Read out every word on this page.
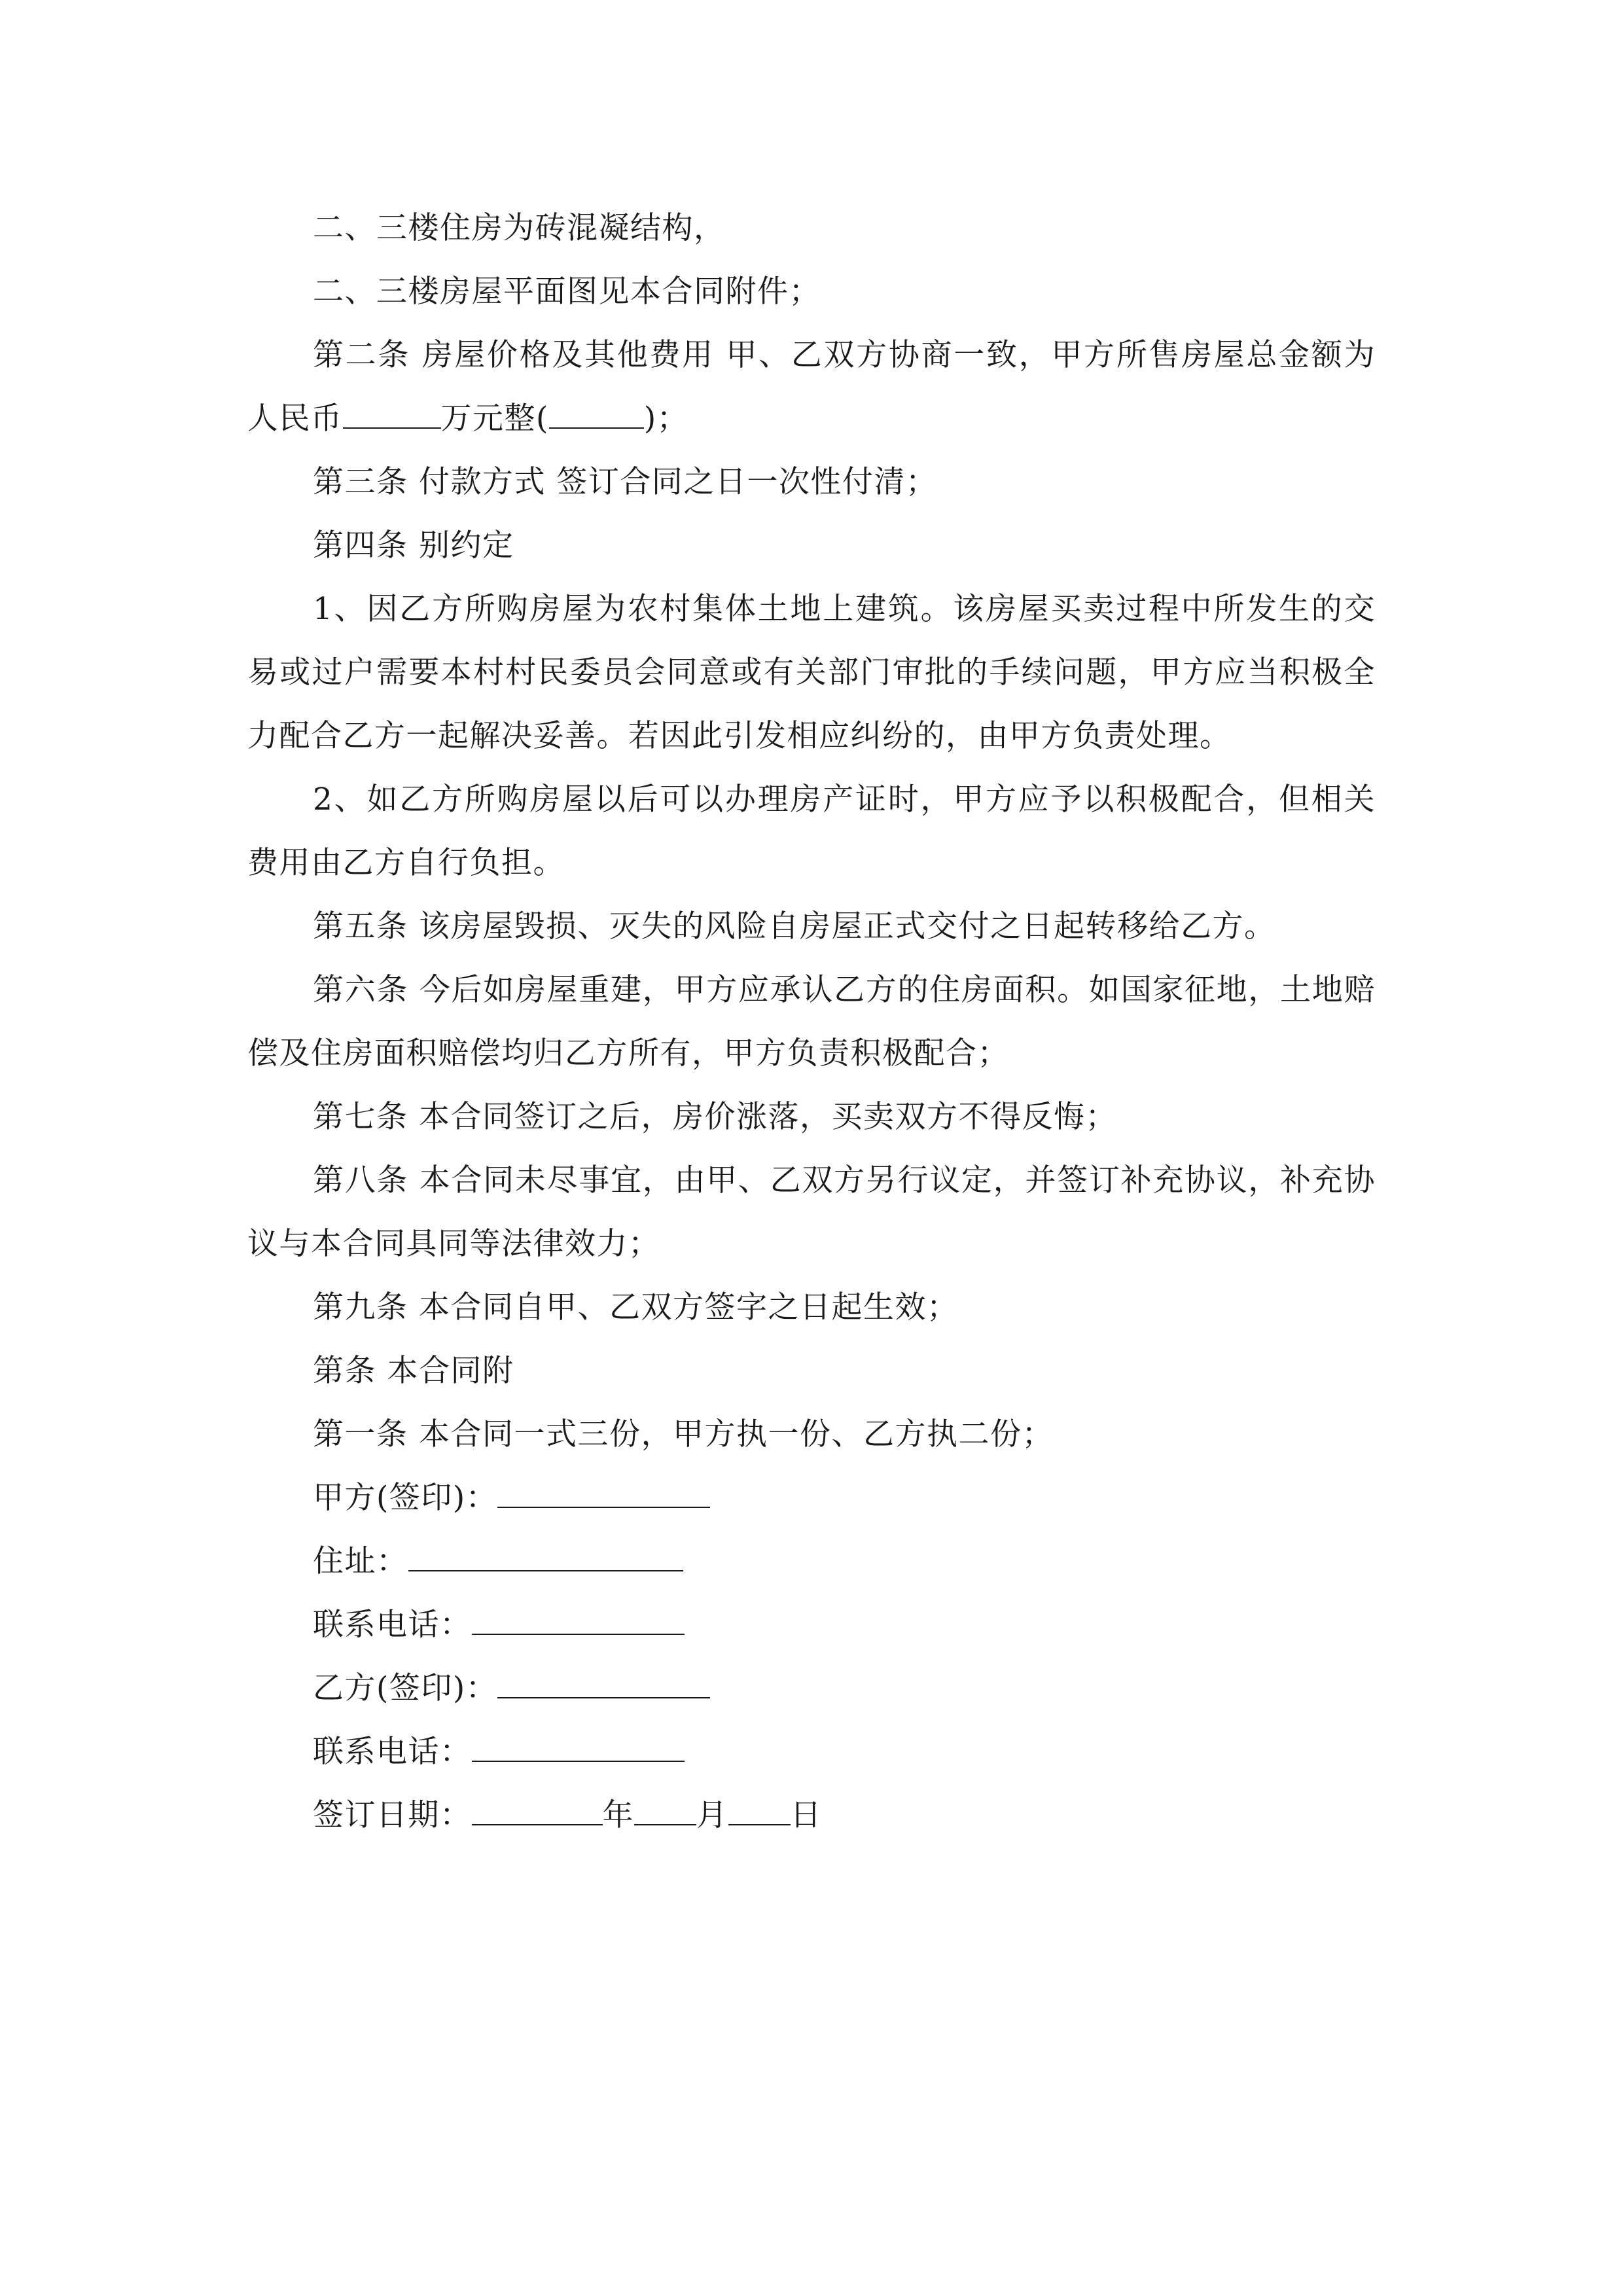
二、三楼住房为砖混凝结构，

二、三楼房屋平面图见本合同附件；

第二条 房屋价格及其他费用 甲、乙双方协商一致，甲方所售房屋总金额为人民币	万元整(	)；

第三条 付款方式 签订合同之日一次性付清；

第四条 别约定

1、因乙方所购房屋为农村集体土地上建筑。该房屋买卖过程中所发生的交易或过户需要本村村民委员会同意或有关部门审批的手续问题，甲方应当积极全力配合乙方一起解决妥善。若因此引发相应纠纷的，由甲方负责处理。

2、如乙方所购房屋以后可以办理房产证时，甲方应予以积极配合，但相关费用由乙方自行负担。

第五条 该房屋毁损、灭失的风险自房屋正式交付之日起转移给乙方。

第六条 今后如房屋重建，甲方应承认乙方的住房面积。如国家征地，土地赔偿及住房面积赔偿均归乙方所有，甲方负责积极配合；

第七条 本合同签订之后，房价涨落，买卖双方不得反悔；

第八条 本合同未尽事宜，由甲、乙双方另行议定，并签订补充协议，补充协议与本合同具同等法律效力；

第九条 本合同自甲、乙双方签字之日起生效；

第条 本合同附

第一条 本合同一式三份，甲方执一份、乙方执二份；

甲方(签印)：

住址：

联系电话：

乙方(签印)：

联系电话：

签订日期：	年 月 日
